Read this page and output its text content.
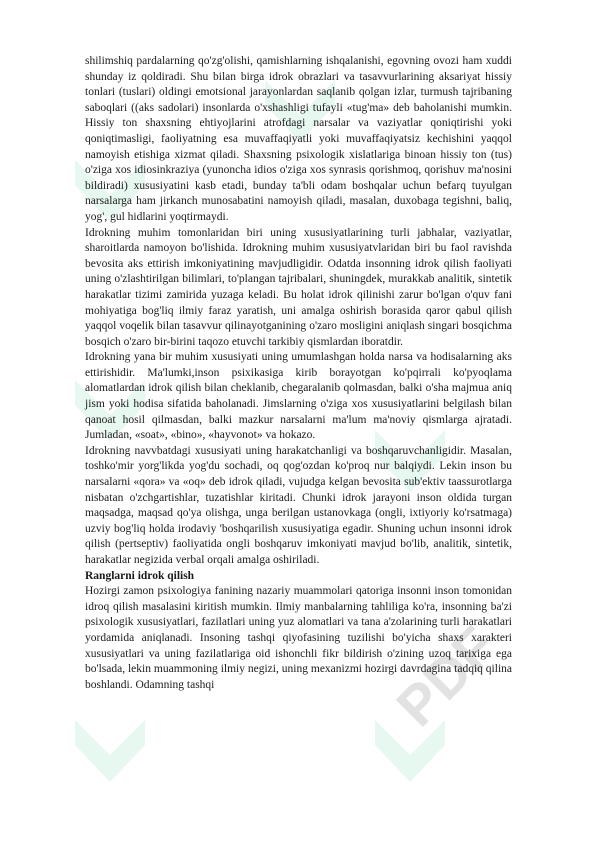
PDF

shilimshiq pardalarning qo'zg'olishi, qamishlarning ishqalanishi, egovning ovozi ham xuddi shunday iz qoldiradi. Shu bilan birga idrok obrazlari va tasavvurlarining aksariyat hissiy tonlari (tuslari) oldingi emotsional jarayonlardan saqlanib qolgan izlar, turmush tajribaning saboqlari ((aks sadolari) insonlarda o'xshashligi tufayli «tug'ma» deb baholanishi mumkin. Hissiy ton shaxsning ehtiyojlarini atrofdagi narsalar va vaziyatlar qoniqtirishi yoki qoniqtimasligi, faoliyatning esa muvaffaqiyatli yoki muvaffaqiyatsiz kechishini yaqqol namoyish etishiga xizmat qiladi. Shaxsning psixologik xislatlariga binoan hissiy ton (tus) o'ziga xos idiosinkraziya (yunoncha idios o'ziga xos synrasis qorishmoq, qorishuv ma'nosini bildiradi) xususiyatini kasb etadi, bunday ta'bli odam boshqalar uchun befarq tuyulgan narsalarga ham jirkanch munosabatini namoyish qiladi, masalan, duxobaga tegishni, baliq, yog', gul hidlarini yoqtirmaydi.

Idrokning muhim tomonlaridan biri uning xususiyatlarining turli jabhalar, vaziyatlar, sharoitlarda namoyon bo'lishida. Idrokning muhim xususiyatvlaridan biri bu faol ravishda bevosita aks ettirish imkoniyatining mavjudligidir. Odatda insonning idrok qilish faoliyati uning o'zlashtirilgan bilimlari, to'plangan tajribalari, shuningdek, murakkab analitik, sintetik harakatlar tizimi zamirida yuzaga keladi. Bu holat idrok qilinishi zarur bo'lgan o'quv fani mohiyatiga bog'liq ilmiy faraz yaratish, uni amalga oshirish borasida qaror qabul qilish yaqqol voqelik bilan tasavvur qilinayotganining o'zaro mosligini aniqlash singari bosqichma bosqich o'zaro bir-birini taqozo etuvchi tarkibiy qismlardan iboratdir.

Idrokning yana bir muhim xususiyati uning umumlashgan holda narsa va hodisalarning aks ettirishidir. Ma'lumki,inson psixikasiga kirib borayotgan ko'pqirrali ko'pyoqlama alomatlardan idrok qilish bilan cheklanib, chegaralanib qolmasdan, balki o'sha majmua aniq jism yoki hodisa sifatida baholanadi. Jimslarning o'ziga xos xususiyatlarini belgilash bilan qanoat hosil qilmasdan, balki mazkur narsalarni ma'lum ma'noviy qismlarga ajratadi. Jumladan, «soat», «bino», «hayvonot» va hokazo.

Idrokning navvbatdagi xususiyati uning harakatchanligi va boshqaruvchanligidir. Masalan, toshko'mir yorg'likda yog'du sochadi, oq qog'ozdan ko'proq nur balqiydi. Lekin inson bu narsalarni «qora» va «oq» deb idrok qiladi, vujudga kelgan bevosita sub'ektiv taassurotlarga nisbatan o'zchgartishlar, tuzatishlar kiritadi. Chunki idrok jarayoni inson oldida turgan maqsadga, maqsad qo'ya olishga, unga berilgan ustanovkaga (ongli, ixtiyoriy ko'rsatmaga) uzviy bog'liq holda irodaviy 'boshqarilish xususiyatiga egadir. Shuning uchun insonni idrok qilish (pertseptiv) faoliyatida ongli boshqaruv imkoniyati mavjud bo'lib, analitik, sintetik, harakatlar negizida verbal orqali amalga oshiriladi.

Ranglarni idrok qilish

Hozirgi zamon psixologiya fanining nazariy muammolari qatoriga insonni inson tomonidan idroq qilish masalasini kiritish mumkin. Ilmiy manbalarning tahliliga ko'ra, insonning ba'zi psixologik xususiyatlari, fazilatlari uning yuz alomatlari va tana a'zolarining turli harakatlari yordamida aniqlanadi. Insoning tashqi qiyofasining tuzilishi bo'yicha shaxs xarakteri xususiyatlari va uning fazilatlariga oid ishonchli fikr bildirish o'zining uzoq tarixiga ega bo'lsada, lekin muammoning ilmiy negizi, uning mexanizmi hozirgi davrdagina tadqiq qilina boshlandi. Odamning tashqi
